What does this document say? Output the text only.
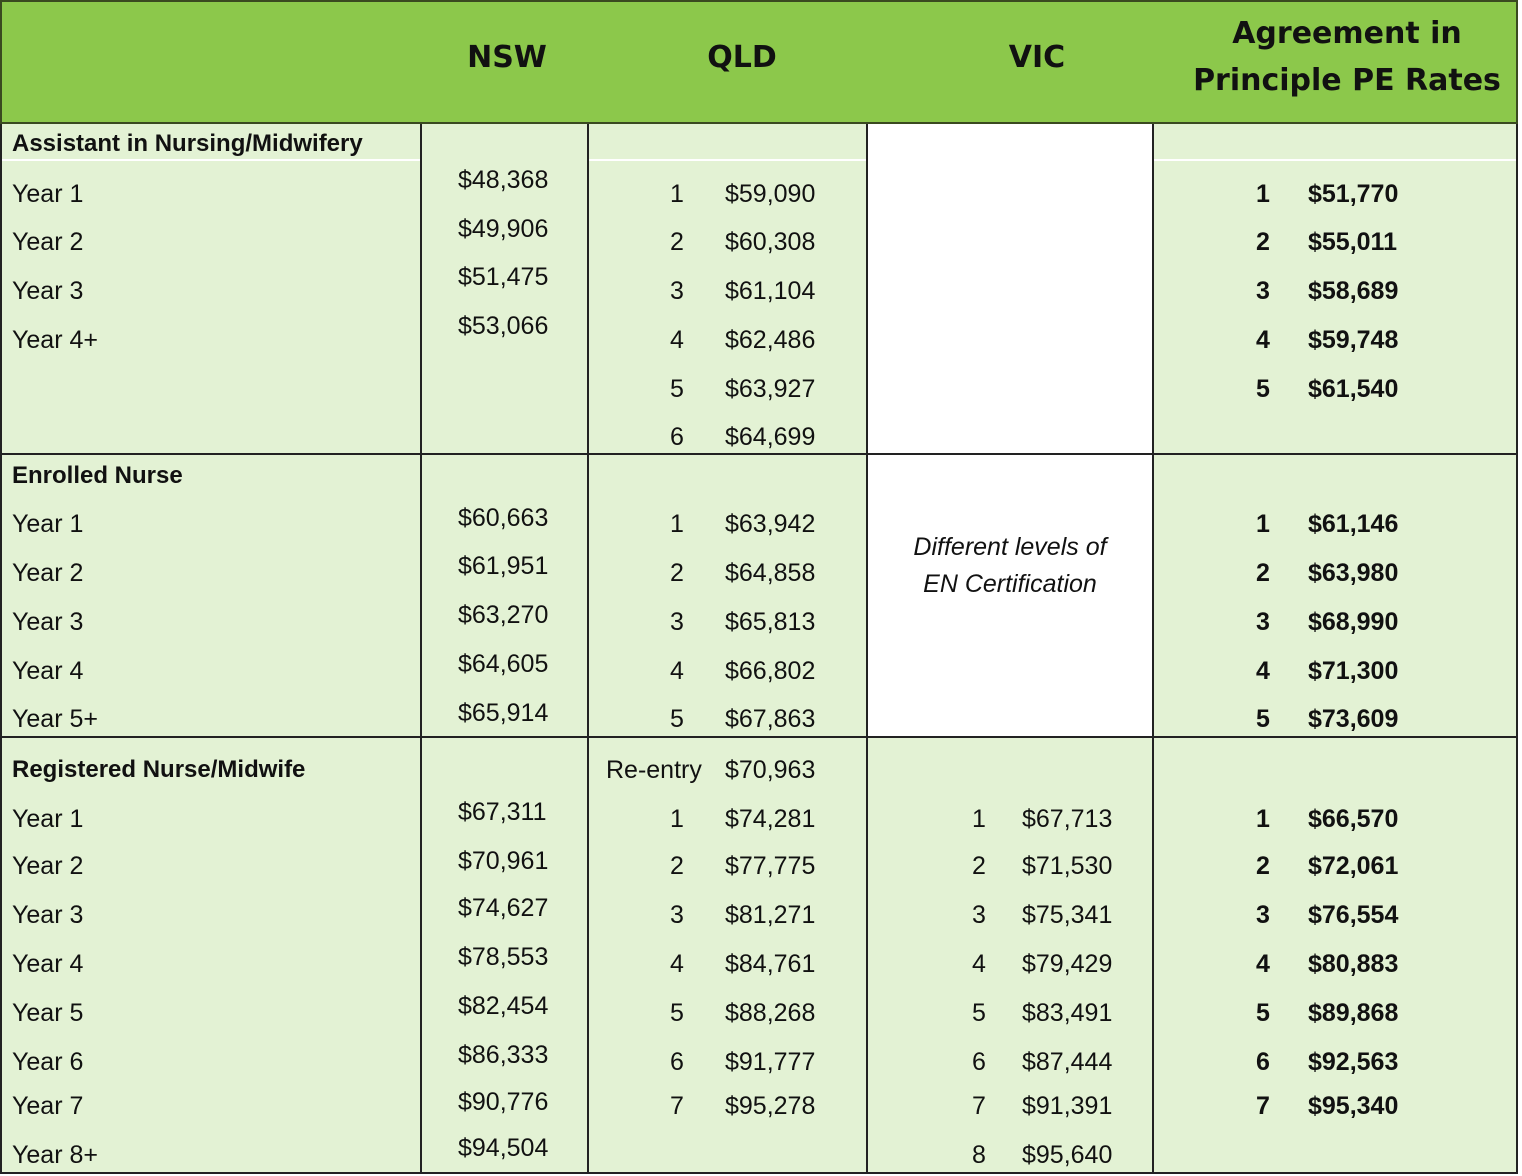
NSW	QLD	VIC
Agreement in
Principle PE Rates
Assistant in Nursing/Midwifery
Year 1
Year 2
Year 3
Year 4+
$48,368
$49,906
$51,475
$53,066
1
2
3
4
5
6
$59,090
$60,308
$61,104
$62,486
$63,927
$64,699
1
2
3
4
5
$51,770
$55,011
$58,689
$59,748
$61,540
Enrolled Nurse
Year 1
Year 2
Year 3
Year 4
Year 5+
$60,663
$61,951
$63,270
$64,605
$65,914
1
2
3
4
5
$63,942
$64,858
$65,813
$66,802
$67,863
Different levels of
EN Certification
1
2
3
4
5
$61,146
$63,980
$68,990
$71,300
$73,609
Registered Nurse/Midwife
Year 1
Year 2
Year 3
Year 4
Year 5
Year 6
Year 7
Year 8+
$67,311
$70,961
$74,627
$78,553
$82,454
$86,333
$90,776
$94,504
Re-entry $70,963
1
2
3
4
5
6
7
$74,281
$77,775
$81,271
$84,761
$88,268
$91,777
$95,278
1
2
3
4
5
6
7
8
$67,713
$71,530
$75,341
$79,429
$83,491
$87,444
$91,391
$95,640
1
2
3
4
5
6
7
$66,570
$72,061
$76,554
$80,883
$89,868
$92,563
$95,340
